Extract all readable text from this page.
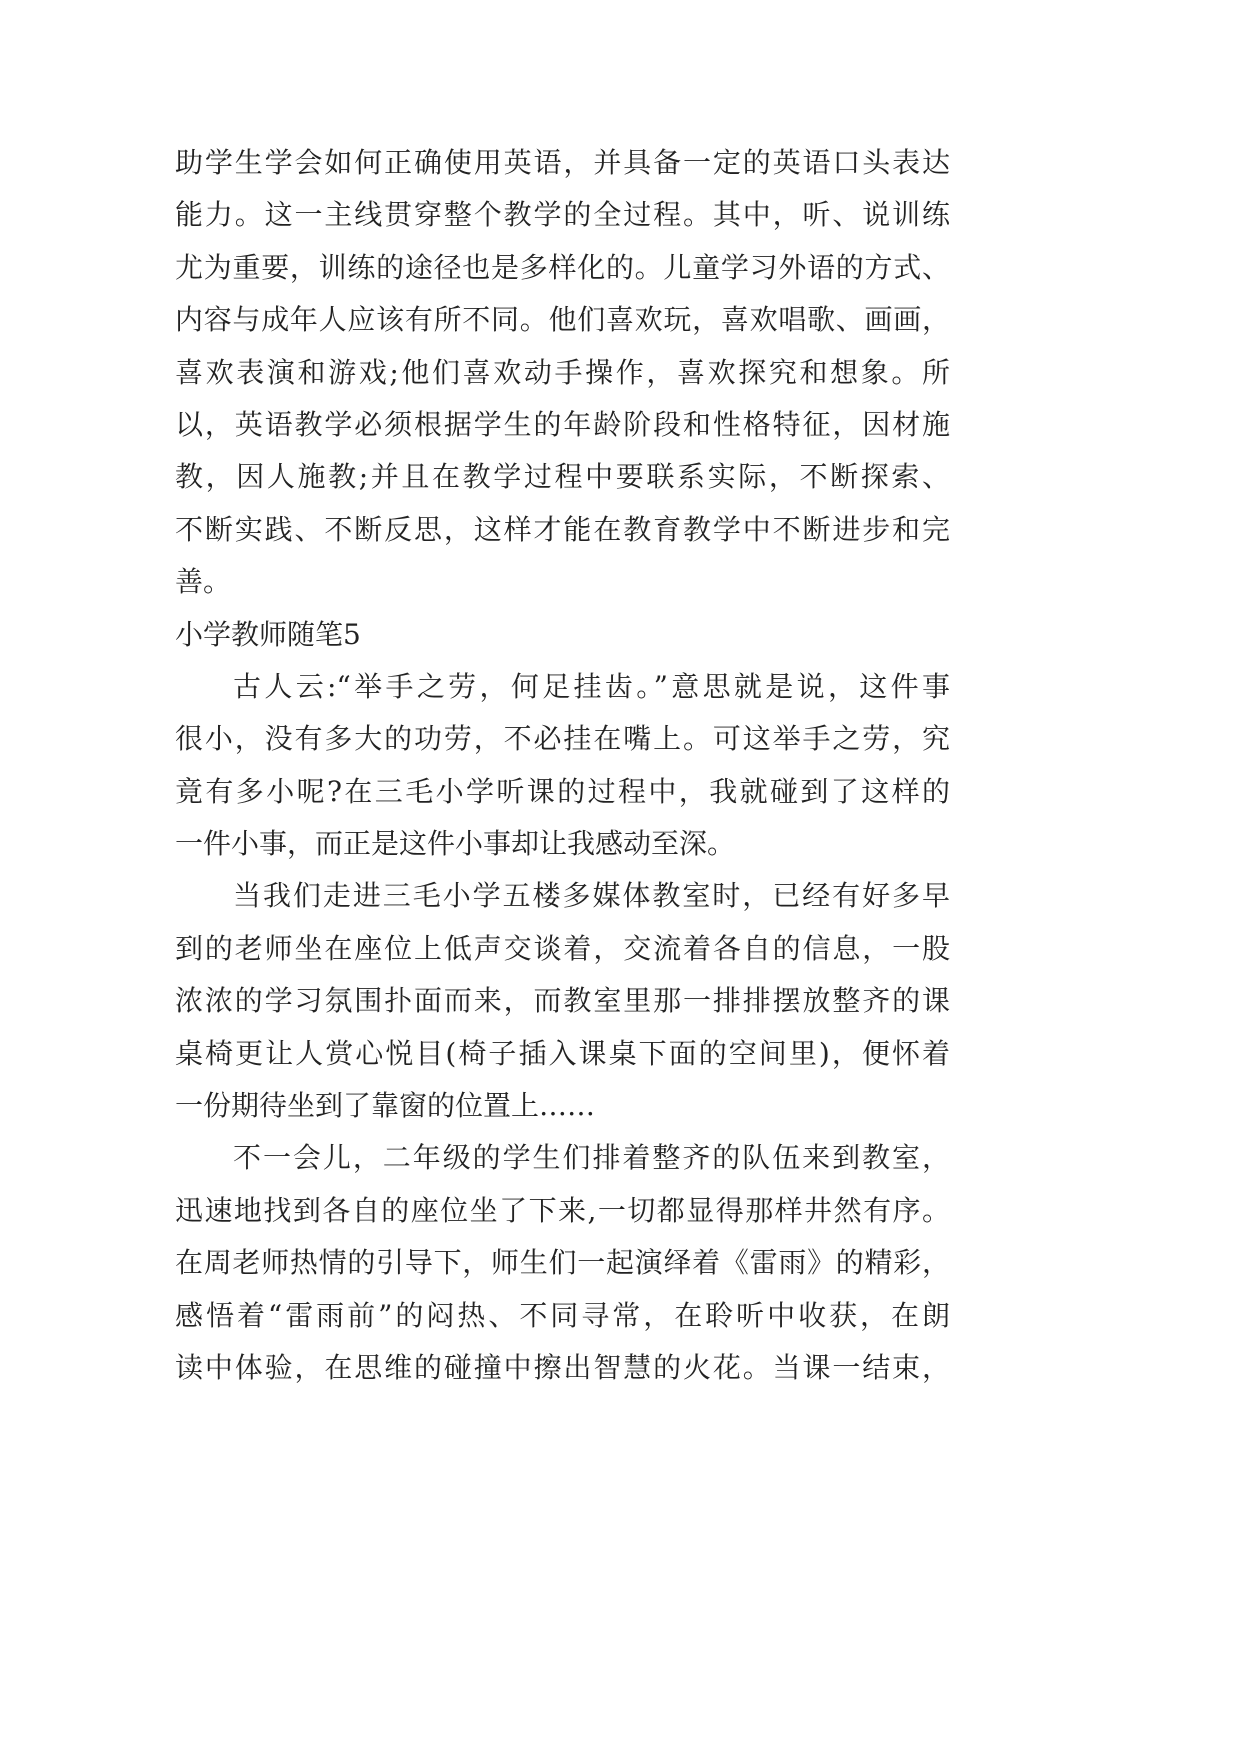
助学生学会如何正确使用英语，并具备一定的英语口头表达
能力。这一主线贯穿整个教学的全过程。其中，听、说训练
尤为重要，训练的途径也是多样化的。儿童学习外语的方式、
内容与成年人应该有所不同。他们喜欢玩，喜欢唱歌、画画，
喜欢表演和游戏;他们喜欢动手操作，喜欢探究和想象。所
以，英语教学必须根据学生的年龄阶段和性格特征，因材施
教，因人施教;并且在教学过程中要联系实际，不断探索、
不断实践、不断反思，这样才能在教育教学中不断进步和完
善。
小学教师随笔5
古人云:“举手之劳，何足挂齿。”意思就是说，这件事
很小，没有多大的功劳，不必挂在嘴上。可这举手之劳，究
竟有多小呢?在三毛小学听课的过程中，我就碰到了这样的
一件小事，而正是这件小事却让我感动至深。
当我们走进三毛小学五楼多媒体教室时，已经有好多早
到的老师坐在座位上低声交谈着，交流着各自的信息，一股
浓浓的学习氛围扑面而来，而教室里那一排排摆放整齐的课
桌椅更让人赏心悦目(椅子插入课桌下面的空间里)，便怀着
一份期待坐到了靠窗的位置上……
不一会儿，二年级的学生们排着整齐的队伍来到教室，
迅速地找到各自的座位坐了下来,一切都显得那样井然有序。
在周老师热情的引导下，师生们一起演绎着《雷雨》的精彩，
感悟着“雷雨前”的闷热、不同寻常，在聆听中收获，在朗
读中体验，在思维的碰撞中擦出智慧的火花。当课一结束，
